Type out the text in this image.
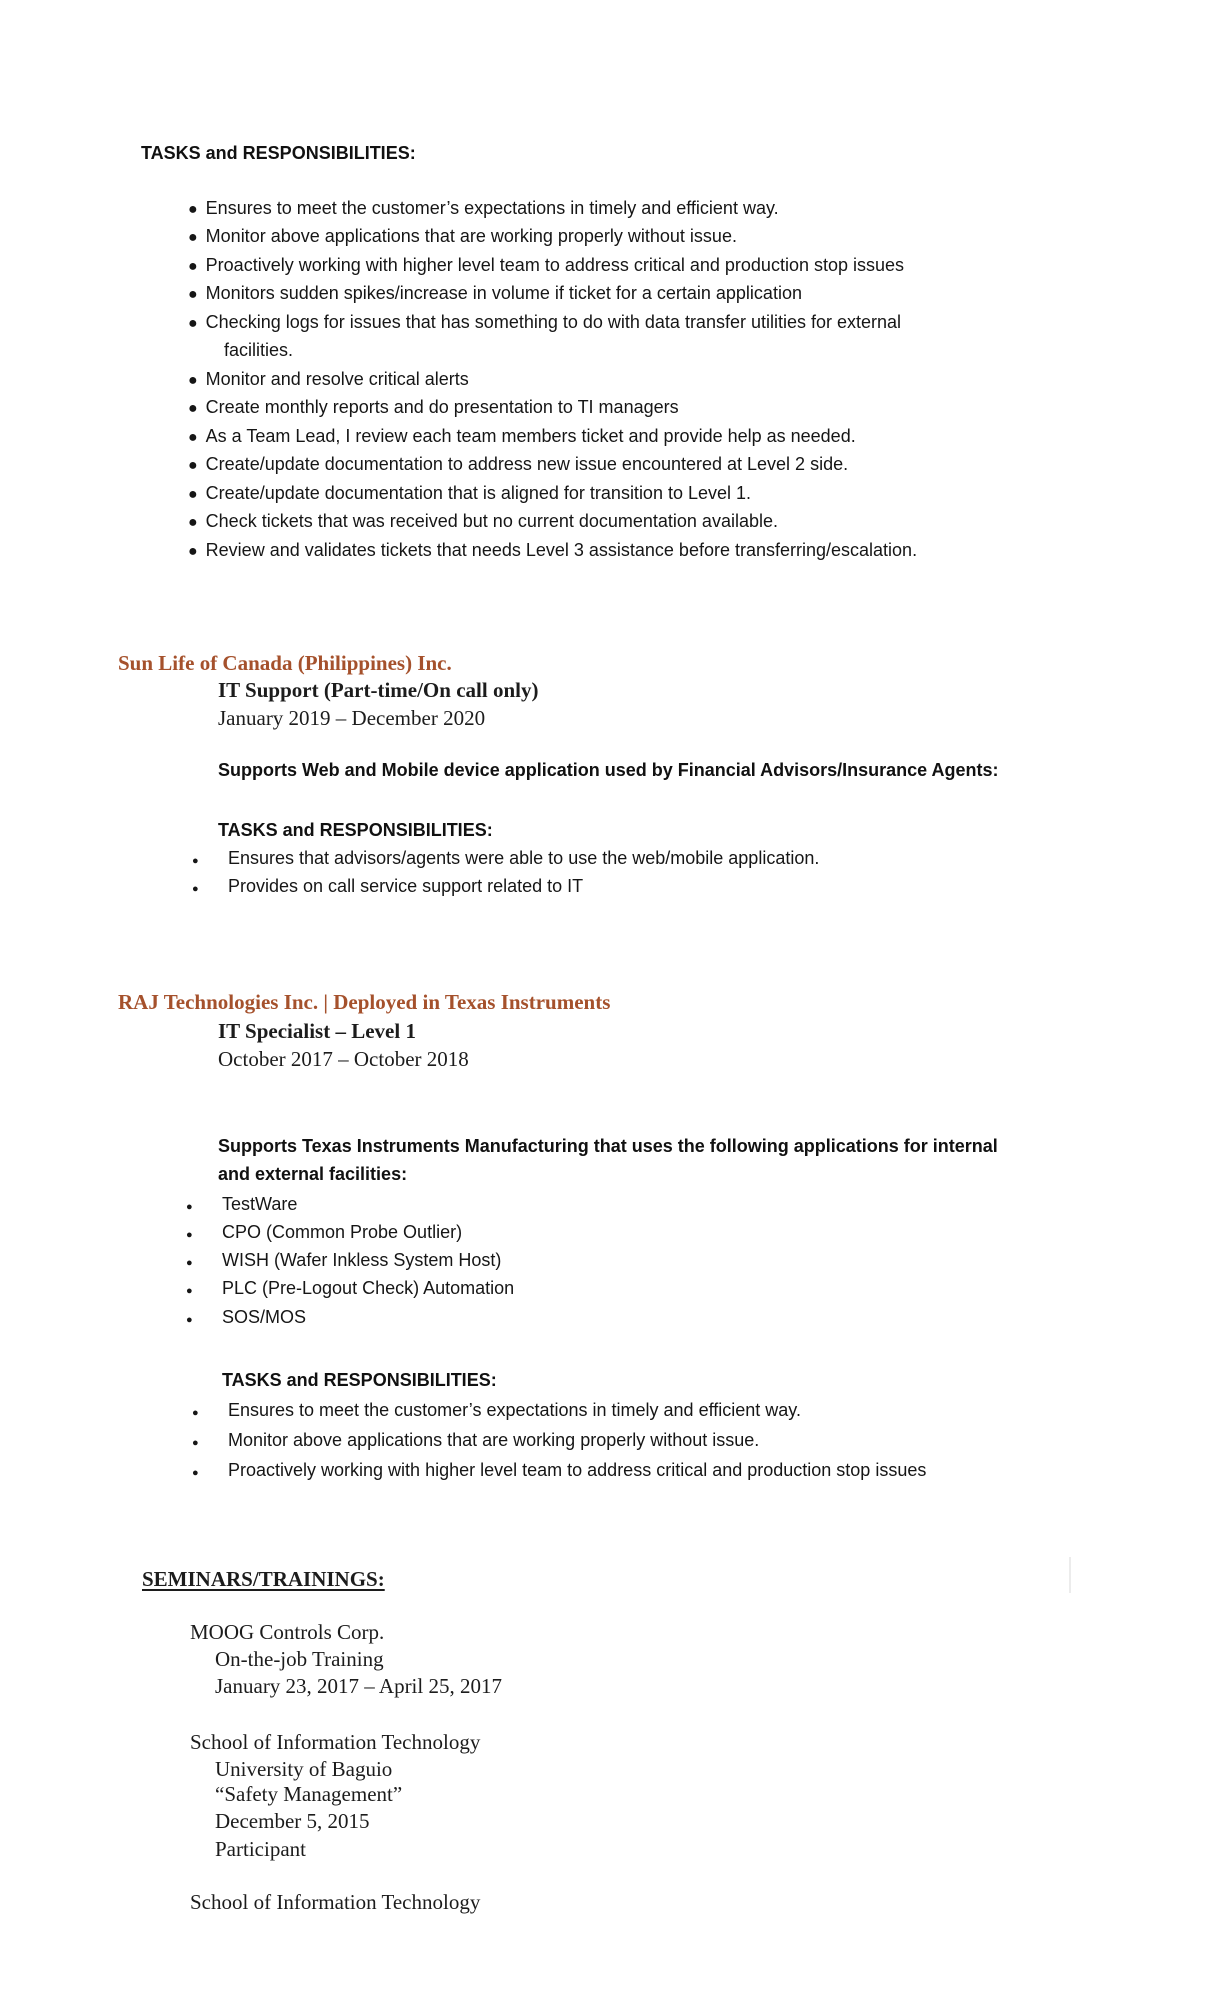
TASKS and RESPONSIBILITIES:
● Ensures to meet the customer’s expectations in timely and efficient way.
● Monitor above applications that are working properly without issue.
● Proactively working with higher level team to address critical and production stop issues
● Monitors sudden spikes/increase in volume if ticket for a certain application
● Checking logs for issues that has something to do with data transfer utilities for external
facilities.
● Monitor and resolve critical alerts
● Create monthly reports and do presentation to TI managers
● As a Team Lead, I review each team members ticket and provide help as needed.
● Create/update documentation to address new issue encountered at Level 2 side.
● Create/update documentation that is aligned for transition to Level 1.
● Check tickets that was received but no current documentation available.
● Review and validates tickets that needs Level 3 assistance before transferring/escalation.
Sun Life of Canada (Philippines) Inc.
IT Support (Part-time/On call only)
January 2019 – December 2020
Supports Web and Mobile device application used by Financial Advisors/Insurance Agents:
TASKS and RESPONSIBILITIES:
● Ensures that advisors/agents were able to use the web/mobile application.
● Provides on call service support related to IT
RAJ Technologies Inc. | Deployed in Texas Instruments
IT Specialist – Level 1
October 2017 – October 2018
Supports Texas Instruments Manufacturing that uses the following applications for internal
and external facilities:
● TestWare
● CPO (Common Probe Outlier)
● WISH (Wafer Inkless System Host)
● PLC (Pre-Logout Check) Automation
● SOS/MOS
TASKS and RESPONSIBILITIES:
● Ensures to meet the customer’s expectations in timely and efficient way.
● Monitor above applications that are working properly without issue.
● Proactively working with higher level team to address critical and production stop issues
SEMINARS/TRAININGS:
MOOG Controls Corp.
On-the-job Training
January 23, 2017 – April 25, 2017
School of Information Technology
University of Baguio
“Safety Management”
December 5, 2015
Participant
School of Information Technology
